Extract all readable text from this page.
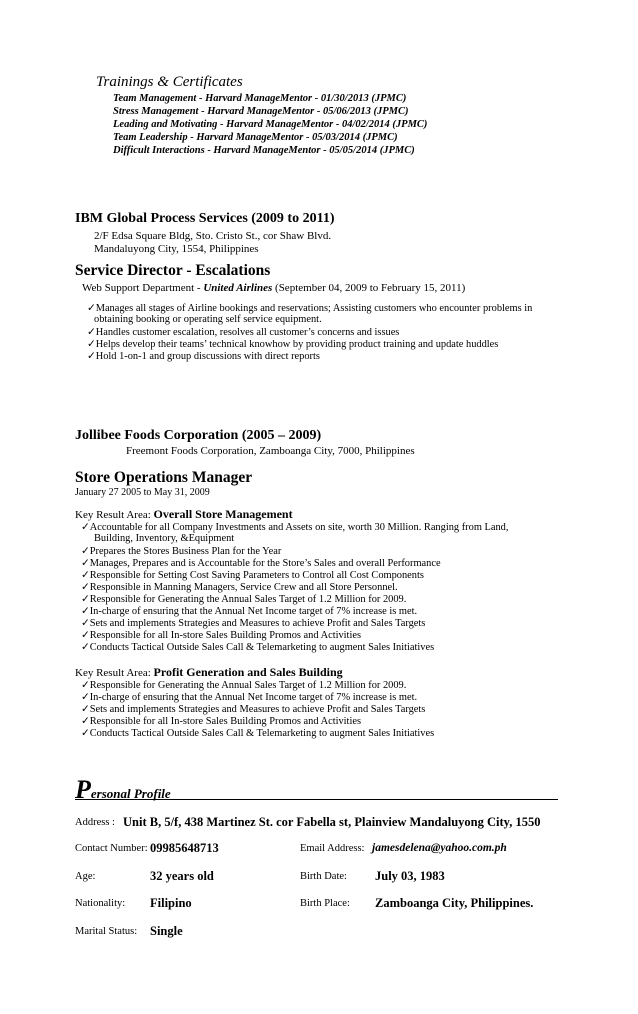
Trainings & Certificates
Team Management - Harvard ManageMentor - 01/30/2013 (JPMC)
Stress Management - Harvard ManageMentor - 05/06/2013 (JPMC)
Leading and Motivating - Harvard ManageMentor - 04/02/2014 (JPMC)
Team Leadership - Harvard ManageMentor - 05/03/2014 (JPMC)
Difficult Interactions - Harvard ManageMentor - 05/05/2014 (JPMC)
IBM Global Process Services (2009 to 2011)
2/F Edsa Square Bldg, Sto. Cristo St., cor Shaw Blvd.
Mandaluyong City, 1554, Philippines
Service Director - Escalations
Web Support Department - United Airlines (September 04, 2009 to February 15, 2011)
✓Manages all stages of Airline bookings and reservations; Assisting customers who encounter problems in
obtaining booking or operating self service equipment.
✓Handles customer escalation, resolves all customer’s concerns and issues
✓Helps develop their teams’ technical knowhow by providing product training and update huddles
✓Hold 1-on-1 and group discussions with direct reports
Jollibee Foods Corporation (2005 – 2009)
Freemont Foods Corporation, Zamboanga City, 7000, Philippines
Store Operations Manager
January 27 2005 to May 31, 2009
Key Result Area: Overall Store Management
✓Accountable for all Company Investments and Assets on site, worth 30 Million. Ranging from Land,
Building, Inventory, &Equipment
✓Prepares the Stores Business Plan for the Year
✓Manages, Prepares and is Accountable for the Store’s Sales and overall Performance
✓Responsible for Setting Cost Saving Parameters to Control all Cost Components
✓Responsible in Manning Managers, Service Crew and all Store Personnel.
✓Responsible for Generating the Annual Sales Target of 1.2 Million for 2009.
✓In-charge of ensuring that the Annual Net Income target of 7% increase is met.
✓Sets and implements Strategies and Measures to achieve Profit and Sales Targets
✓Responsible for all In-store Sales Building Promos and Activities
✓Conducts Tactical Outside Sales Call & Telemarketing to augment Sales Initiatives
Key Result Area: Profit Generation and Sales Building
✓Responsible for Generating the Annual Sales Target of 1.2 Million for 2009.
✓In-charge of ensuring that the Annual Net Income target of 7% increase is met.
✓Sets and implements Strategies and Measures to achieve Profit and Sales Targets
✓Responsible for all In-store Sales Building Promos and Activities
✓Conducts Tactical Outside Sales Call & Telemarketing to augment Sales Initiatives
Personal Profile
Address : Unit B, 5/f, 438 Martinez St. cor Fabella st, Plainview Mandaluyong City, 1550
Contact Number: 09985648713	Email Address: jamesdelena@yahoo.com.ph
Age:	32 years old	Birth Date: July 03, 1983
Nationality: Filipino	Birth Place: Zamboanga City, Philippines.
Marital Status: Single
